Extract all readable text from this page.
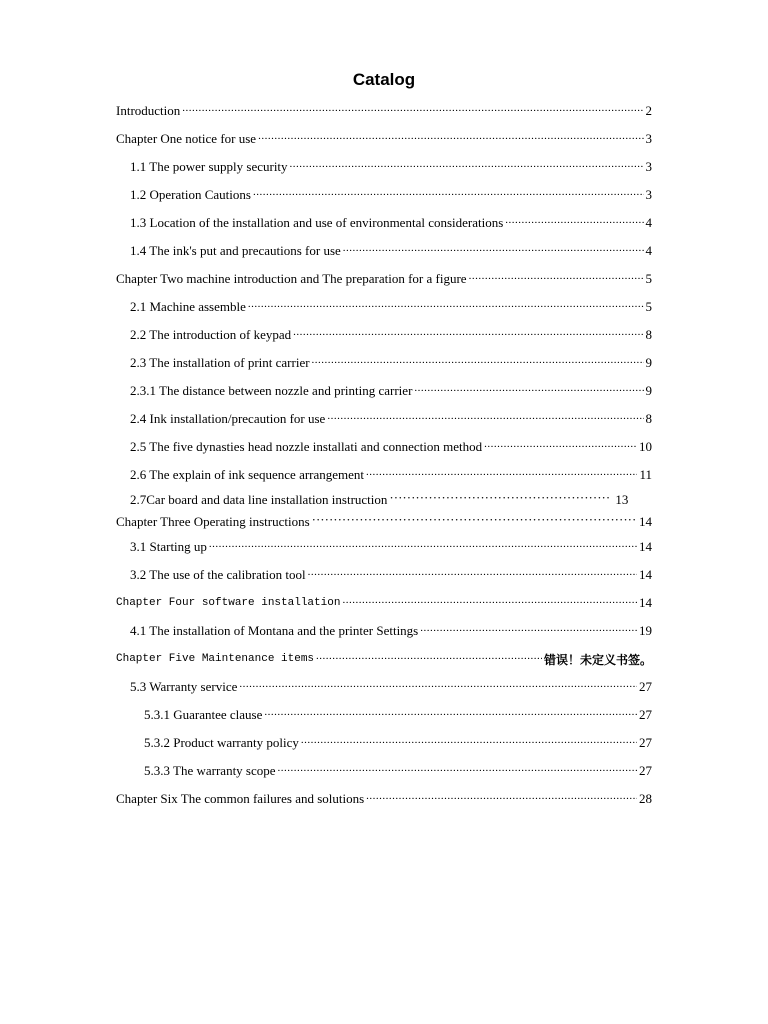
Catalog
Introduction .....	2
Chapter One notice for use .....	3
1.1 The power supply security .....	3
1.2 Operation Cautions .....	3
1.3 Location of the installation and use of environmental considerations .....	4
1.4 The ink's put and precautions for use .....	4
Chapter Two machine introduction and The preparation for a figure .....	5
2.1 Machine assemble .....	5
2.2 The introduction of keypad .....	8
2.3 The installation of print carrier .....	9
2.3.1 The distance between nozzle and printing carrier .....	9
2.4 Ink installation/precaution for use .....	8
2.5 The five dynasties head nozzle installati and connection method .....	10
2.6 The explain of ink sequence arrangement .....	11
2.7Car board and data line installation instruction ·····	13
Chapter Three Operating instructions ·····	14
3.1 Starting up .....	14
3.2 The use of the calibration tool .....	14
Chapter Four software installation .....	14
4.1 The installation of Montana and the printer Settings .....	19
Chapter Five Maintenance items .....	错误！未定义书签。
5.3 Warranty service .....	27
5.3.1 Guarantee clause .....	27
5.3.2 Product warranty policy .....	27
5.3.3 The warranty scope .....	27
Chapter Six The common failures and solutions .....	28
